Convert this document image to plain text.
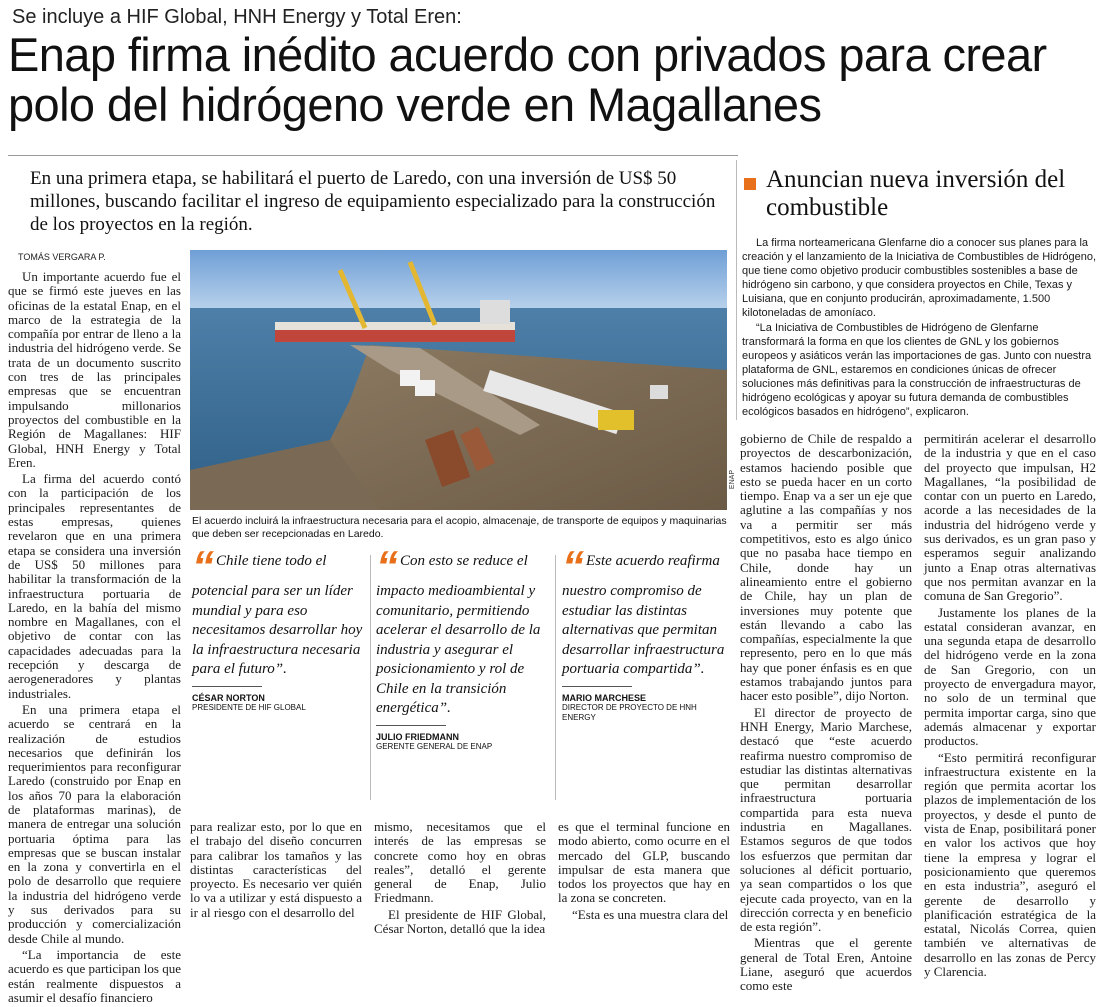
Se incluye a HIF Global, HNH Energy y Total Eren:
Enap firma inédito acuerdo con privados para crear polo del hidrógeno verde en Magallanes
En una primera etapa, se habilitará el puerto de Laredo, con una inversión de US$ 50 millones, buscando facilitar el ingreso de equipamiento especializado para la construcción de los proyectos en la región.
TOMÁS VERGARA P.

Un importante acuerdo fue el que se firmó este jueves en las oficinas de la estatal Enap, en el marco de la estrategia de la compañía por entrar de lleno a la industria del hidrógeno verde. Se trata de un documento suscrito con tres de las principales empresas que se encuentran impulsando millonarios proyectos del combustible en la Región de Magallanes: HIF Global, HNH Energy y Total Eren.

La firma del acuerdo contó con la participación de los principales representantes de estas empresas, quienes revelaron que en una primera etapa se considera una inversión de US$ 50 millones para habilitar la transformación de la infraestructura portuaria de Laredo, en la bahía del mismo nombre en Magallanes, con el objetivo de contar con las capacidades adecuadas para la recepción y descarga de aerogeneradores y plantas industriales.

En una primera etapa el acuerdo se centrará en la realización de estudios necesarios que definirán los requerimientos para reconfigurar Laredo (construido por Enap en los años 70 para la elaboración de plataformas marinas), de manera de entregar una solución portuaria óptima para las empresas que se buscan instalar en la zona y convertirla en el polo de desarrollo que requiere la industria del hidrógeno verde y sus derivados para su producción y comercialización desde Chile al mundo.

“La importancia de este acuerdo es que participan los que están realmente dispuestos a asumir el desafío financiero

ENAP
El acuerdo incluirá la infraestructura necesaria para el acopio, almacenaje, de transporte de equipos y maquinarias que deben ser recepcionadas en Laredo.
“ Chile tiene todo el potencial para ser un líder mundial y para eso necesitamos desarrollar hoy la infraestructura necesaria para el futuro”.
CÉSAR NORTON
PRESIDENTE DE HIF GLOBAL
“ Con esto se reduce el impacto medioambiental y comunitario, permitiendo acelerar el desarrollo de la industria y asegurar el posicionamiento y rol de Chile en la transición energética”.
JULIO FRIEDMANN
GERENTE GENERAL DE ENAP
“ Este acuerdo reafirma nuestro compromiso de estudiar las distintas alternativas que permitan desarrollar infraestructura portuaria compartida”.
MARIO MARCHESE
DIRECTOR DE PROYECTO DE HNH ENERGY

para realizar esto, por lo que en el trabajo del diseño concurren para calibrar los tamaños y las distintas características del proyecto. Es necesario ver quién lo va a utilizar y está dispuesto a ir al riesgo con el desarrollo del

mismo, necesitamos que el interés de las empresas se concrete como hoy en obras reales”, detalló el gerente general de Enap, Julio Friedmann.

El presidente de HIF Global, César Norton, detalló que la idea

es que el terminal funcione en modo abierto, como ocurre en el mercado del GLP, buscando impulsar de esta manera que todos los proyectos que hay en la zona se concreten.

“Esta es una muestra clara del

gobierno de Chile de respaldo a proyectos de descarbonización, estamos haciendo posible que esto se pueda hacer en un corto tiempo. Enap va a ser un eje que aglutine a las compañías y nos va a permitir ser más competitivos, esto es algo único que no pasaba hace tiempo en Chile, donde hay un alineamiento entre el gobierno de Chile, hay un plan de inversiones muy potente que están llevando a cabo las compañías, especialmente la que represento, pero en lo que más hay que poner énfasis es en que estamos trabajando juntos para hacer esto posible”, dijo Norton.

El director de proyecto de HNH Energy, Mario Marchese, destacó que “este acuerdo reafirma nuestro compromiso de estudiar las distintas alternativas que permitan desarrollar infraestructura portuaria compartida para esta nueva industria en Magallanes. Estamos seguros de que todos los esfuerzos que permitan dar soluciones al déficit portuario, ya sean compartidos o los que ejecute cada proyecto, van en la dirección correcta y en beneficio de esta región”.

Mientras que el gerente general de Total Eren, Antoine Liane, aseguró que acuerdos como este

permitirán acelerar el desarrollo de la industria y que en el caso del proyecto que impulsan, H2 Magallanes, “la posibilidad de contar con un puerto en Laredo, acorde a las necesidades de la industria del hidrógeno verde y sus derivados, es un gran paso y esperamos seguir analizando junto a Enap otras alternativas que nos permitan avanzar en la comuna de San Gregorio”.

Justamente los planes de la estatal consideran avanzar, en una segunda etapa de desarrollo del hidrógeno verde en la zona de San Gregorio, con un proyecto de envergadura mayor, no solo de un terminal que permita importar carga, sino que además almacenar y exportar productos.

“Esto permitirá reconfigurar infraestructura existente en la región que permita acortar los plazos de implementación de los proyectos, y desde el punto de vista de Enap, posibilitará poner en valor los activos que hoy tiene la empresa y lograr el posicionamiento que queremos en esta industria”, aseguró el gerente de desarrollo y planificación estratégica de la estatal, Nicolás Correa, quien también ve alternativas de desarrollo en las zonas de Percy y Clarencia.

Anuncian nueva inversión del combustible

La firma norteamericana Glenfarne dio a conocer sus planes para la creación y el lanzamiento de la Iniciativa de Combustibles de Hidrógeno, que tiene como objetivo producir combustibles sostenibles a base de hidrógeno sin carbono, y que considera proyectos en Chile, Texas y Luisiana, que en conjunto producirán, aproximadamente, 1.500 kilotoneladas de amoníaco.

“La Iniciativa de Combustibles de Hidrógeno de Glenfarne transformará la forma en que los clientes de GNL y los gobiernos europeos y asiáticos verán las importaciones de gas. Junto con nuestra plataforma de GNL, estaremos en condiciones únicas de ofrecer soluciones más definitivas para la construcción de infraestructuras de hidrógeno ecológicas y apoyar su futura demanda de combustibles ecológicos basados en hidrógeno”, explicaron.
